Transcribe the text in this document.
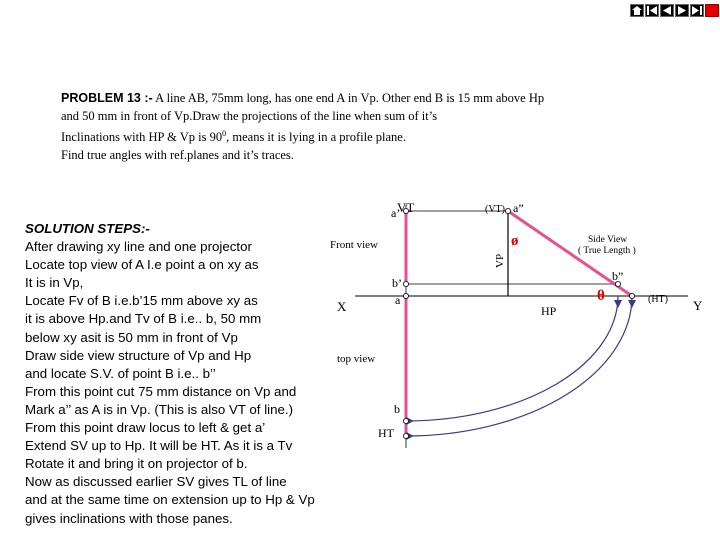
PROBLEM 13 :- A line AB, 75mm long, has one end A in Vp. Other end B is 15 mm above Hp
and 50 mm in front of Vp.Draw the projections of the line when sum of it’s
Inclinations with HP & Vp is $90^0$, means it is lying in a profile plane.
Find true angles with ref.planes and it’s traces.
SOLUTION STEPS:-
After drawing xy line and one projector
Locate top view of A I.e point a on xy as
It is in Vp,
Locate Fv of B i.e.b’15 mm above xy as
it is above Hp.and Tv of B i.e.. b, 50 mm
below xy asit is 50 mm in front of Vp
Draw side view structure of Vp and Hp
and locate S.V. of point B i.e.. b’’
From this point cut 75 mm distance on Vp and
Mark a’’ as A is in Vp. (This is also VT of line.)
From this point draw locus to left & get a’
Extend SV up to Hp. It will be HT. As it is a Tv
Rotate it and bring it on projector of b.
Now as discussed earlier SV gives TL of line
and at the same time on extension up to Hp & Vp
gives inclinations with those panes.
VT
a’	(VT) a”
VP
Front view	Side View
( True Length )
b’	b”
a
X	Y
HP
(HT)
top view
b
HT
ø
θ
